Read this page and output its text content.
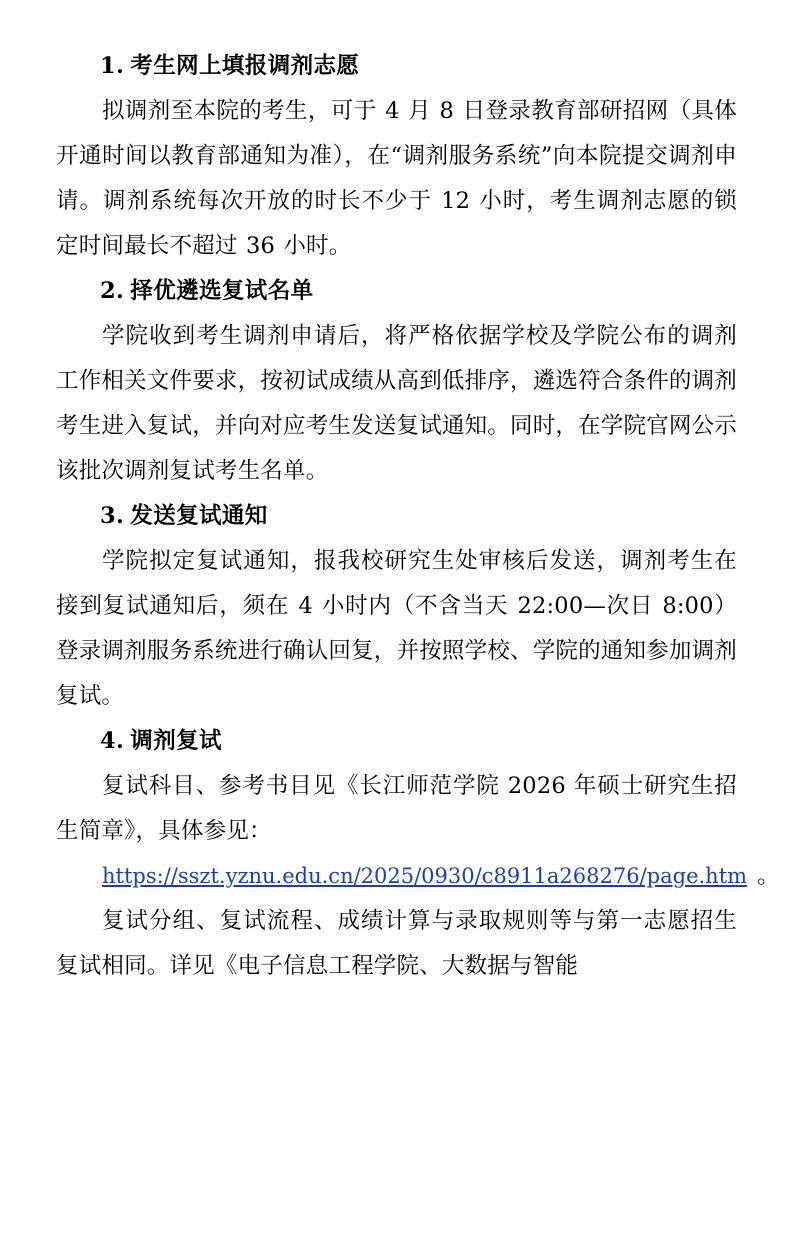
1. 考生网上填报调剂志愿

拟调剂至本院的考生，可于 4 月 8 日登录教育部研招网（具体开通时间以教育部通知为准），在“调剂服务系统”向本院提交调剂申请。调剂系统每次开放的时长不少于 12 小时，考生调剂志愿的锁定时间最长不超过 36 小时。

2. 择优遴选复试名单

学院收到考生调剂申请后，将严格依据学校及学院公布的调剂工作相关文件要求，按初试成绩从高到低排序，遴选符合条件的调剂考生进入复试，并向对应考生发送复试通知。同时，在学院官网公示该批次调剂复试考生名单。

3. 发送复试通知

学院拟定复试通知，报我校研究生处审核后发送，调剂考生在接到复试通知后，须在 4 小时内（不含当天 22:00—次日 8:00）登录调剂服务系统进行确认回复，并按照学校、学院的通知参加调剂复试。

4. 调剂复试

复试科目、参考书目见《长江师范学院 2026 年硕士研究生招生简章》，具体参见：

https://sszt.yznu.edu.cn/2025/0930/c8911a268276/page.htm 。

复试分组、复试流程、成绩计算与录取规则等与第一志愿招生复试相同。详见《电子信息工程学院、大数据与智能
